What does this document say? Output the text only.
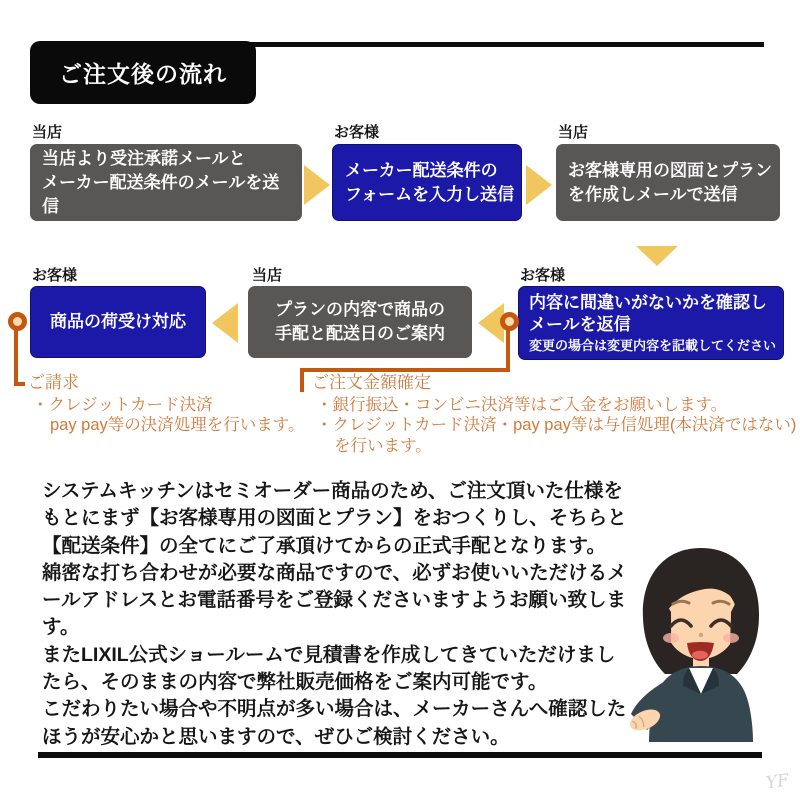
ご注文後の流れ
当店
当店より受注承諾メールと
メーカー配送条件のメールを送信
お客様
メーカー配送条件の
フォームを入力し送信
当店
お客様専用の図面とプラン
を作成しメールで送信
お客様
内容に間違いがないかを確認し
メールを返信
変更の場合は変更内容を記載してください
当店
プランの内容で商品の
手配と配送日のご案内
お客様
商品の荷受け対応
ご請求
・クレジットカード決済
pay pay等の決済処理を行います。
ご注文金額確定
・銀行振込・コンビニ決済等はご入金をお願いします。
・クレジットカード決済・pay pay等は与信処理(本決済ではない)
を行います。
システムキッチンはセミオーダー商品のため、ご注文頂いた仕様を
もとにまず【お客様専用の図面とプラン】をおつくりし、そちらと
【配送条件】の全てにご了承頂けてからの正式手配となります。
綿密な打ち合わせが必要な商品ですので、必ずお使いいただけるメ
ールアドレスとお電話番号をご登録くださいますようお願い致しま
す。
またLIXIL公式ショールームで見積書を作成してきていただけまし
たら、そのままの内容で弊社販売価格をご案内可能です。
こだわりたい場合や不明点が多い場合は、メーカーさんへ確認した
ほうが安心かと思いますので、ぜひご検討ください。
YF
